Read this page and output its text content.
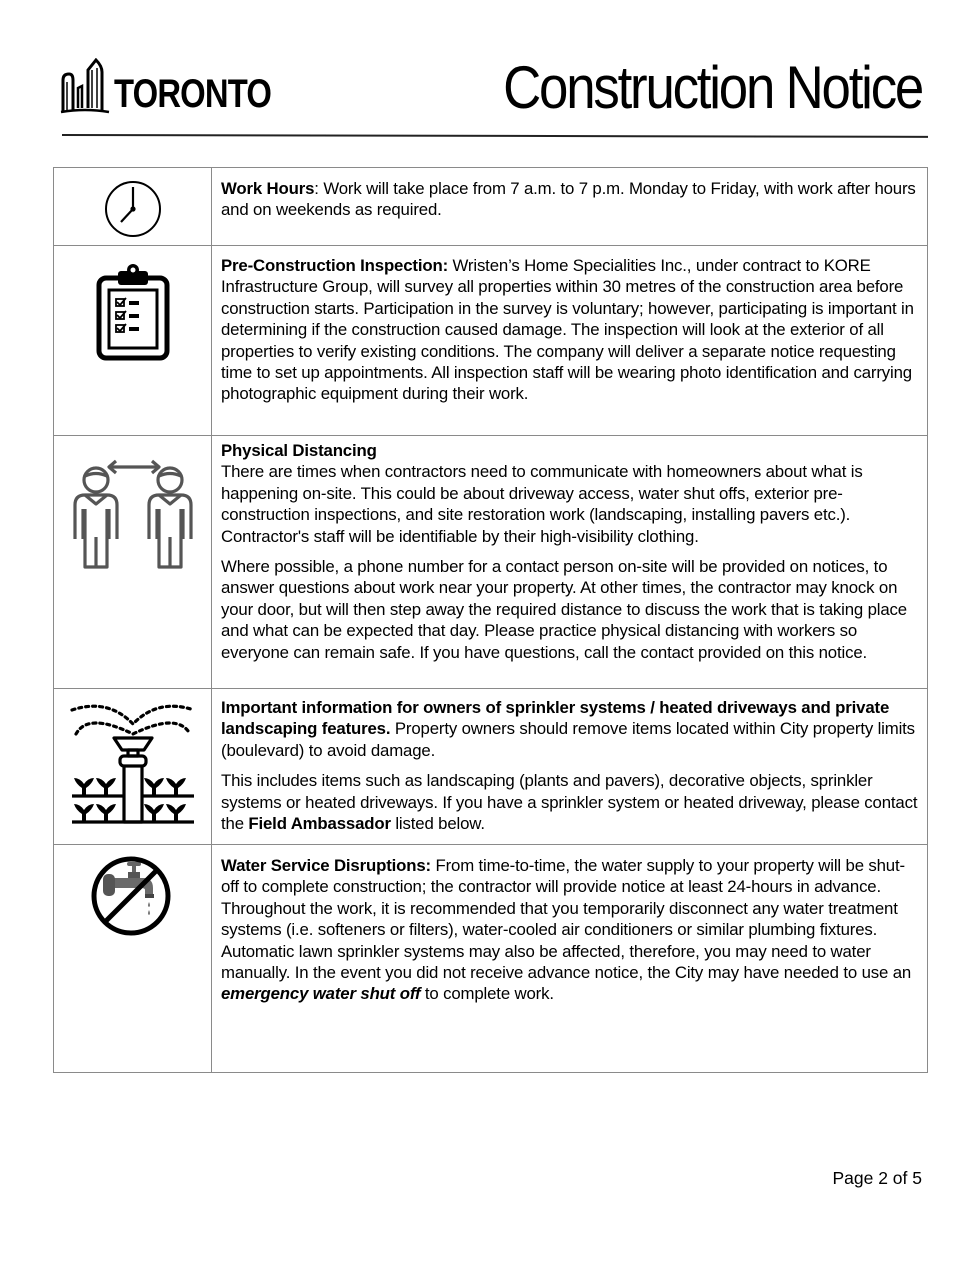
TORONTO	Construction Notice

Work Hours: Work will take place from 7 a.m. to 7 p.m. Monday to Friday, with work after hours and on weekends as required.

Pre-Construction Inspection: Wristen’s Home Specialities Inc., under contract to KORE Infrastructure Group, will survey all properties within 30 metres of the construction area before construction starts. Participation in the survey is voluntary; however, participating is important in determining if the construction caused damage. The inspection will look at the exterior of all properties to verify existing conditions. The company will deliver a separate notice requesting time to set up appointments. All inspection staff will be wearing photo identification and carrying photographic equipment during their work.

Physical Distancing

There are times when contractors need to communicate with homeowners about what is happening on-site. This could be about driveway access, water shut offs, exterior pre-construction inspections, and site restoration work (landscaping, installing pavers etc.). Contractor's staff will be identifiable by their high-visibility clothing.

Where possible, a phone number for a contact person on-site will be provided on notices, to answer questions about work near your property. At other times, the contractor may knock on your door, but will then step away the required distance to discuss the work that is taking place and what can be expected that day. Please practice physical distancing with workers so everyone can remain safe. If you have questions, call the contact provided on this notice.

Important information for owners of sprinkler systems / heated driveways and private landscaping features. Property owners should remove items located within City property limits (boulevard) to avoid damage.

This includes items such as landscaping (plants and pavers), decorative objects, sprinkler systems or heated driveways. If you have a sprinkler system or heated driveway, please contact the Field Ambassador listed below.

Water Service Disruptions: From time-to-time, the water supply to your property will be shut-off to complete construction; the contractor will provide notice at least 24-hours in advance. Throughout the work, it is recommended that you temporarily disconnect any water treatment systems (i.e. softeners or filters), water-cooled air conditioners or similar plumbing fixtures. Automatic lawn sprinkler systems may also be affected, therefore, you may need to water manually. In the event you did not receive advance notice, the City may have needed to use an emergency water shut off to complete work.

Page 2 of 5
